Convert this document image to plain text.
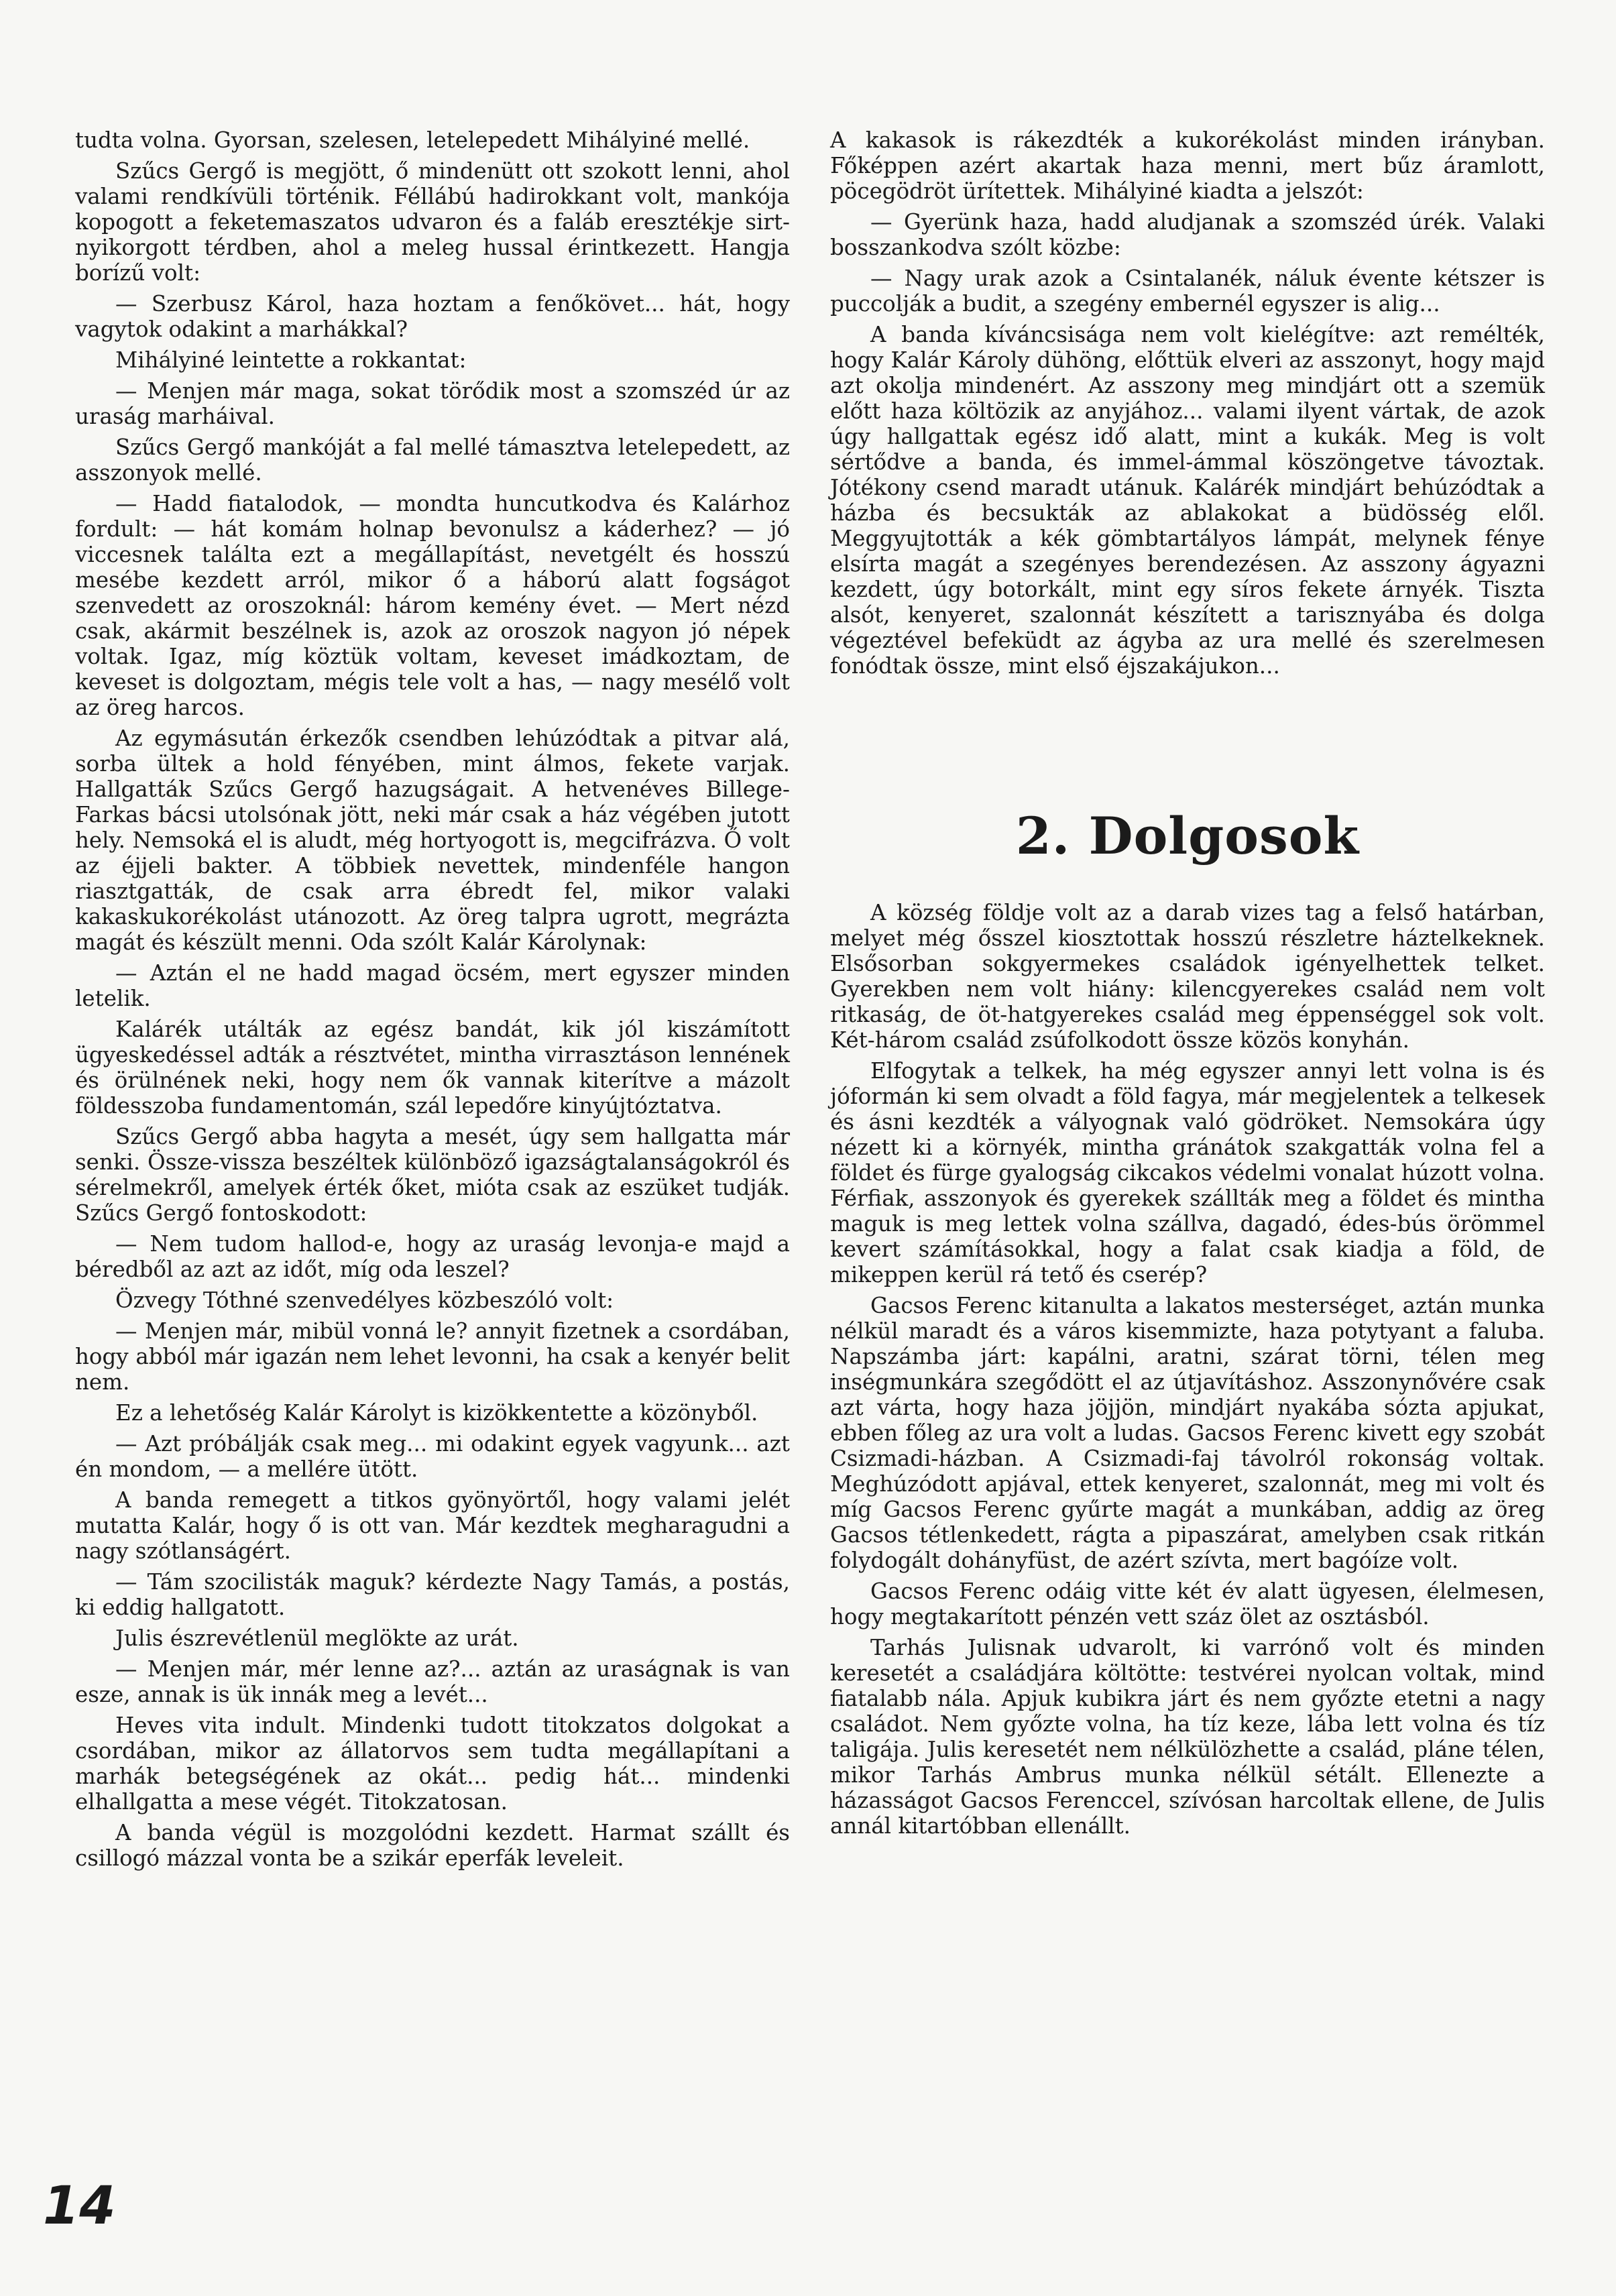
tudta volna. Gyorsan, szelesen, letelepedett Mihályiné mellé.

Szűcs Gergő is megjött, ő mindenütt ott szokott lenni, ahol valami rendkívüli történik. Féllábú hadirokkant volt, mankója kopogott a feketemaszatos udvaron és a faláb eresztékje sirt-nyikorgott térdben, ahol a meleg hussal érintkezett. Hangja borízű volt:

— Szerbusz Károl, haza hoztam a fenőkövet... hát, hogy vagytok odakint a marhákkal?

Mihályiné leintette a rokkantat:

— Menjen már maga, sokat törődik most a szomszéd úr az uraság marháival.

Szűcs Gergő mankóját a fal mellé támasztva letelepedett, az asszonyok mellé.

— Hadd fiatalodok, — mondta huncutkodva és Kalárhoz fordult: — hát komám holnap bevonulsz a káderhez? — jó viccesnek találta ezt a megállapítást, nevetgélt és hosszú mesébe kezdett arról, mikor ő a háború alatt fogságot szenvedett az oroszoknál: három kemény évet. — Mert nézd csak, akármit beszélnek is, azok az oroszok nagyon jó népek voltak. Igaz, míg köztük voltam, keveset imádkoztam, de keveset is dolgoztam, mégis tele volt a has, — nagy mesélő volt az öreg harcos.

Az egymásután érkezők csendben lehúzódtak a pitvar alá, sorba ültek a hold fényében, mint álmos, fekete varjak. Hallgatták Szűcs Gergő hazugságait. A hetvenéves Billege-Farkas bácsi utolsónak jött, neki már csak a ház végében jutott hely. Nemsoká el is aludt, még hortyogott is, megcifrázva. Ő volt az éjjeli bakter. A többiek nevettek, mindenféle hangon riasztgatták, de csak arra ébredt fel, mikor valaki kakaskukorékolást utánozott. Az öreg talpra ugrott, megrázta magát és készült menni. Oda szólt Kalár Károlynak:

— Aztán el ne hadd magad öcsém, mert egyszer minden letelik.

Kalárék utálták az egész bandát, kik jól kiszámított ügyeskedéssel adták a résztvétet, mintha virrasztáson lennének és örülnének neki, hogy nem ők vannak kiterítve a mázolt földesszoba fundamentomán, szál lepedőre kinyújtóztatva.

Szűcs Gergő abba hagyta a mesét, úgy sem hallgatta már senki. Össze-vissza beszéltek különböző igazságtalanságokról és sérelmekről, amelyek érték őket, mióta csak az eszüket tudják. Szűcs Gergő fontoskodott:

— Nem tudom hallod-e, hogy az uraság levonja-e majd a béredből az azt az időt, míg oda leszel?

Özvegy Tóthné szenvedélyes közbeszóló volt:

— Menjen már, mibül vonná le? annyit fizetnek a csordában, hogy abból már igazán nem lehet levonni, ha csak a kenyér belit nem.

Ez a lehetőség Kalár Károlyt is kizökkentette a közönyből.

— Azt próbálják csak meg... mi odakint egyek vagyunk... azt én mondom, — a mellére ütött.

A banda remegett a titkos gyönyörtől, hogy valami jelét mutatta Kalár, hogy ő is ott van. Már kezdtek megharagudni a nagy szótlanságért.

— Tám szocilisták maguk? kérdezte Nagy Tamás, a postás, ki eddig hallgatott.

Julis észrevétlenül meglökte az urát.

— Menjen már, mér lenne az?... aztán az uraságnak is van esze, annak is ük innák meg a levét...

Heves vita indult. Mindenki tudott titokzatos dolgokat a csordában, mikor az állatorvos sem tudta megállapítani a marhák betegségének az okát... pedig hát... mindenki elhallgatta a mese végét. Titokzatosan.

A banda végül is mozgolódni kezdett. Harmat szállt és csillogó mázzal vonta be a szikár eperfák leveleit.

A kakasok is rákezdték a kukorékolást minden irányban. Főképpen azért akartak haza menni, mert bűz áramlott, pöcegödröt ürítettek. Mihályiné kiadta a jelszót:

— Gyerünk haza, hadd aludjanak a szomszéd úrék. Valaki bosszankodva szólt közbe:

— Nagy urak azok a Csintalanék, náluk évente kétszer is puccolják a budit, a szegény embernél egyszer is alig...

A banda kíváncsisága nem volt kielégítve: azt remélték, hogy Kalár Károly dühöng, előttük elveri az asszonyt, hogy majd azt okolja mindenért. Az asszony meg mindjárt ott a szemük előtt haza költözik az anyjához... valami ilyent vártak, de azok úgy hallgattak egész idő alatt, mint a kukák. Meg is volt sértődve a banda, és immel-ámmal köszöngetve távoztak. Jótékony csend maradt utánuk. Kalárék mindjárt behúzódtak a házba és becsukták az ablakokat a büdösség elől. Meggyujtották a kék gömbtartályos lámpát, melynek fénye elsírta magát a szegényes berendezésen. Az asszony ágyazni kezdett, úgy botorkált, mint egy síros fekete árnyék. Tiszta alsót, kenyeret, szalonnát készített a tarisznyába és dolga végeztével befeküdt az ágyba az ura mellé és szerelmesen fonódtak össze, mint első éjszakájukon...

2. Dolgosok

A község földje volt az a darab vizes tag a felső határban, melyet még ősszel kiosztottak hosszú részletre háztelkeknek. Elsősorban sokgyermekes családok igényelhettek telket. Gyerekben nem volt hiány: kilencgyerekes család nem volt ritkaság, de öt-hatgyerekes család meg éppenséggel sok volt. Két-három család zsúfolkodott össze közös konyhán.

Elfogytak a telkek, ha még egyszer annyi lett volna is és jóformán ki sem olvadt a föld fagya, már megjelentek a telkesek és ásni kezdték a vályognak való gödröket. Nemsokára úgy nézett ki a környék, mintha gránátok szakgatták volna fel a földet és fürge gyalogság cikcakos védelmi vonalat húzott volna. Férfiak, asszonyok és gyerekek szállták meg a földet és mintha maguk is meg lettek volna szállva, dagadó, édes-bús örömmel kevert számításokkal, hogy a falat csak kiadja a föld, de mikeppen kerül rá tető és cserép?

Gacsos Ferenc kitanulta a lakatos mesterséget, aztán munka nélkül maradt és a város kisemmizte, haza potytyant a faluba. Napszámba járt: kapálni, aratni, szárat törni, télen meg inségmunkára szegődött el az útjavításhoz. Asszonynővére csak azt várta, hogy haza jöjjön, mindjárt nyakába sózta apjukat, ebben főleg az ura volt a ludas. Gacsos Ferenc kivett egy szobát Csizmadi-házban. A Csizmadi-faj távolról rokonság voltak. Meghúzódott apjával, ettek kenyeret, szalonnát, meg mi volt és míg Gacsos Ferenc gyűrte magát a munkában, addig az öreg Gacsos tétlenkedett, rágta a pipaszárat, amelyben csak ritkán folydogált dohányfüst, de azért szívta, mert bagóíze volt.

Gacsos Ferenc odáig vitte két év alatt ügyesen, élelmesen, hogy megtakarított pénzén vett száz ölet az osztásból.

Tarhás Julisnak udvarolt, ki varrónő volt és minden keresetét a családjára költötte: testvérei nyolcan voltak, mind fiatalabb nála. Apjuk kubikra járt és nem győzte etetni a nagy családot. Nem győzte volna, ha tíz keze, lába lett volna és tíz taligája. Julis keresetét nem nélkülözhette a család, pláne télen, mikor Tarhás Ambrus munka nélkül sétált. Ellenezte a házasságot Gacsos Ferenccel, szívósan harcoltak ellene, de Julis annál kitartóbban ellenállt.

14
